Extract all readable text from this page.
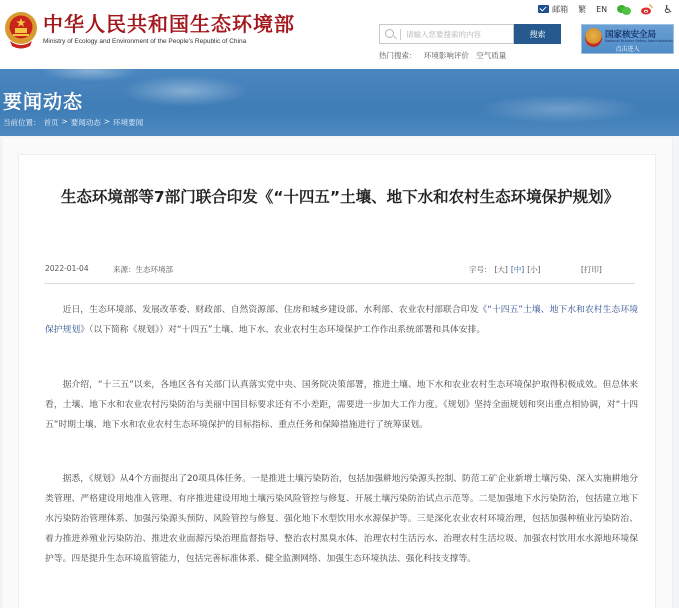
中华人民共和国生态环境部
Ministry of Ecology and Environment of the People's Republic of China
邮箱 繁 EN	♿
请输入您要搜索的内容
搜索
热门搜索： 环境影响评价 空气质量
国家核安全局
National Nuclear Safety Administration
点击进入
要闻动态
当前位置： 首页 > 要闻动态 > 环境要闻
生态环境部等7部门联合印发《“十四五”土壤、地下水和农村生态环境保护规划》
2022-01-04	来源：生态环境部	字号： [大] [中] [小]	[打印]

近日，生态环境部、发展改革委、财政部、自然资源部、住房和城乡建设部、水利部、农业农村部联合印发《“十四五”土壤、地下水和农村生态环境保护规划》（以下简称《规划》）对“十四五”土壤、地下水、农业农村生态环境保护工作作出系统部署和具体安排。

据介绍，“十三五”以来，各地区各有关部门认真落实党中央、国务院决策部署，推进土壤、地下水和农业农村生态环境保护取得积极成效。但总体来看，土壤、地下水和农业农村污染防治与美丽中国目标要求还有不小差距，需要进一步加大工作力度。《规划》坚持全面规划和突出重点相协调，对“十四五”时期土壤、地下水和农业农村生态环境保护的目标指标、重点任务和保障措施进行了统筹谋划。

据悉，《规划》从4个方面提出了20项具体任务。一是推进土壤污染防治，包括加强耕地污染源头控制、防范工矿企业新增土壤污染、深入实施耕地分类管理、严格建设用地准入管理、有序推进建设用地土壤污染风险管控与修复、开展土壤污染防治试点示范等。二是加强地下水污染防治，包括建立地下水污染防治管理体系、加强污染源头预防、风险管控与修复、强化地下水型饮用水水源保护等。三是深化农业农村环境治理，包括加强种植业污染防治、着力推进养殖业污染防治、推进农业面源污染治理监督指导、整治农村黑臭水体、治理农村生活污水、治理农村生活垃圾、加强农村饮用水水源地环境保护等。四是提升生态环境监管能力，包括完善标准体系、健全监测网络、加强生态环境执法、强化科技支撑等。
